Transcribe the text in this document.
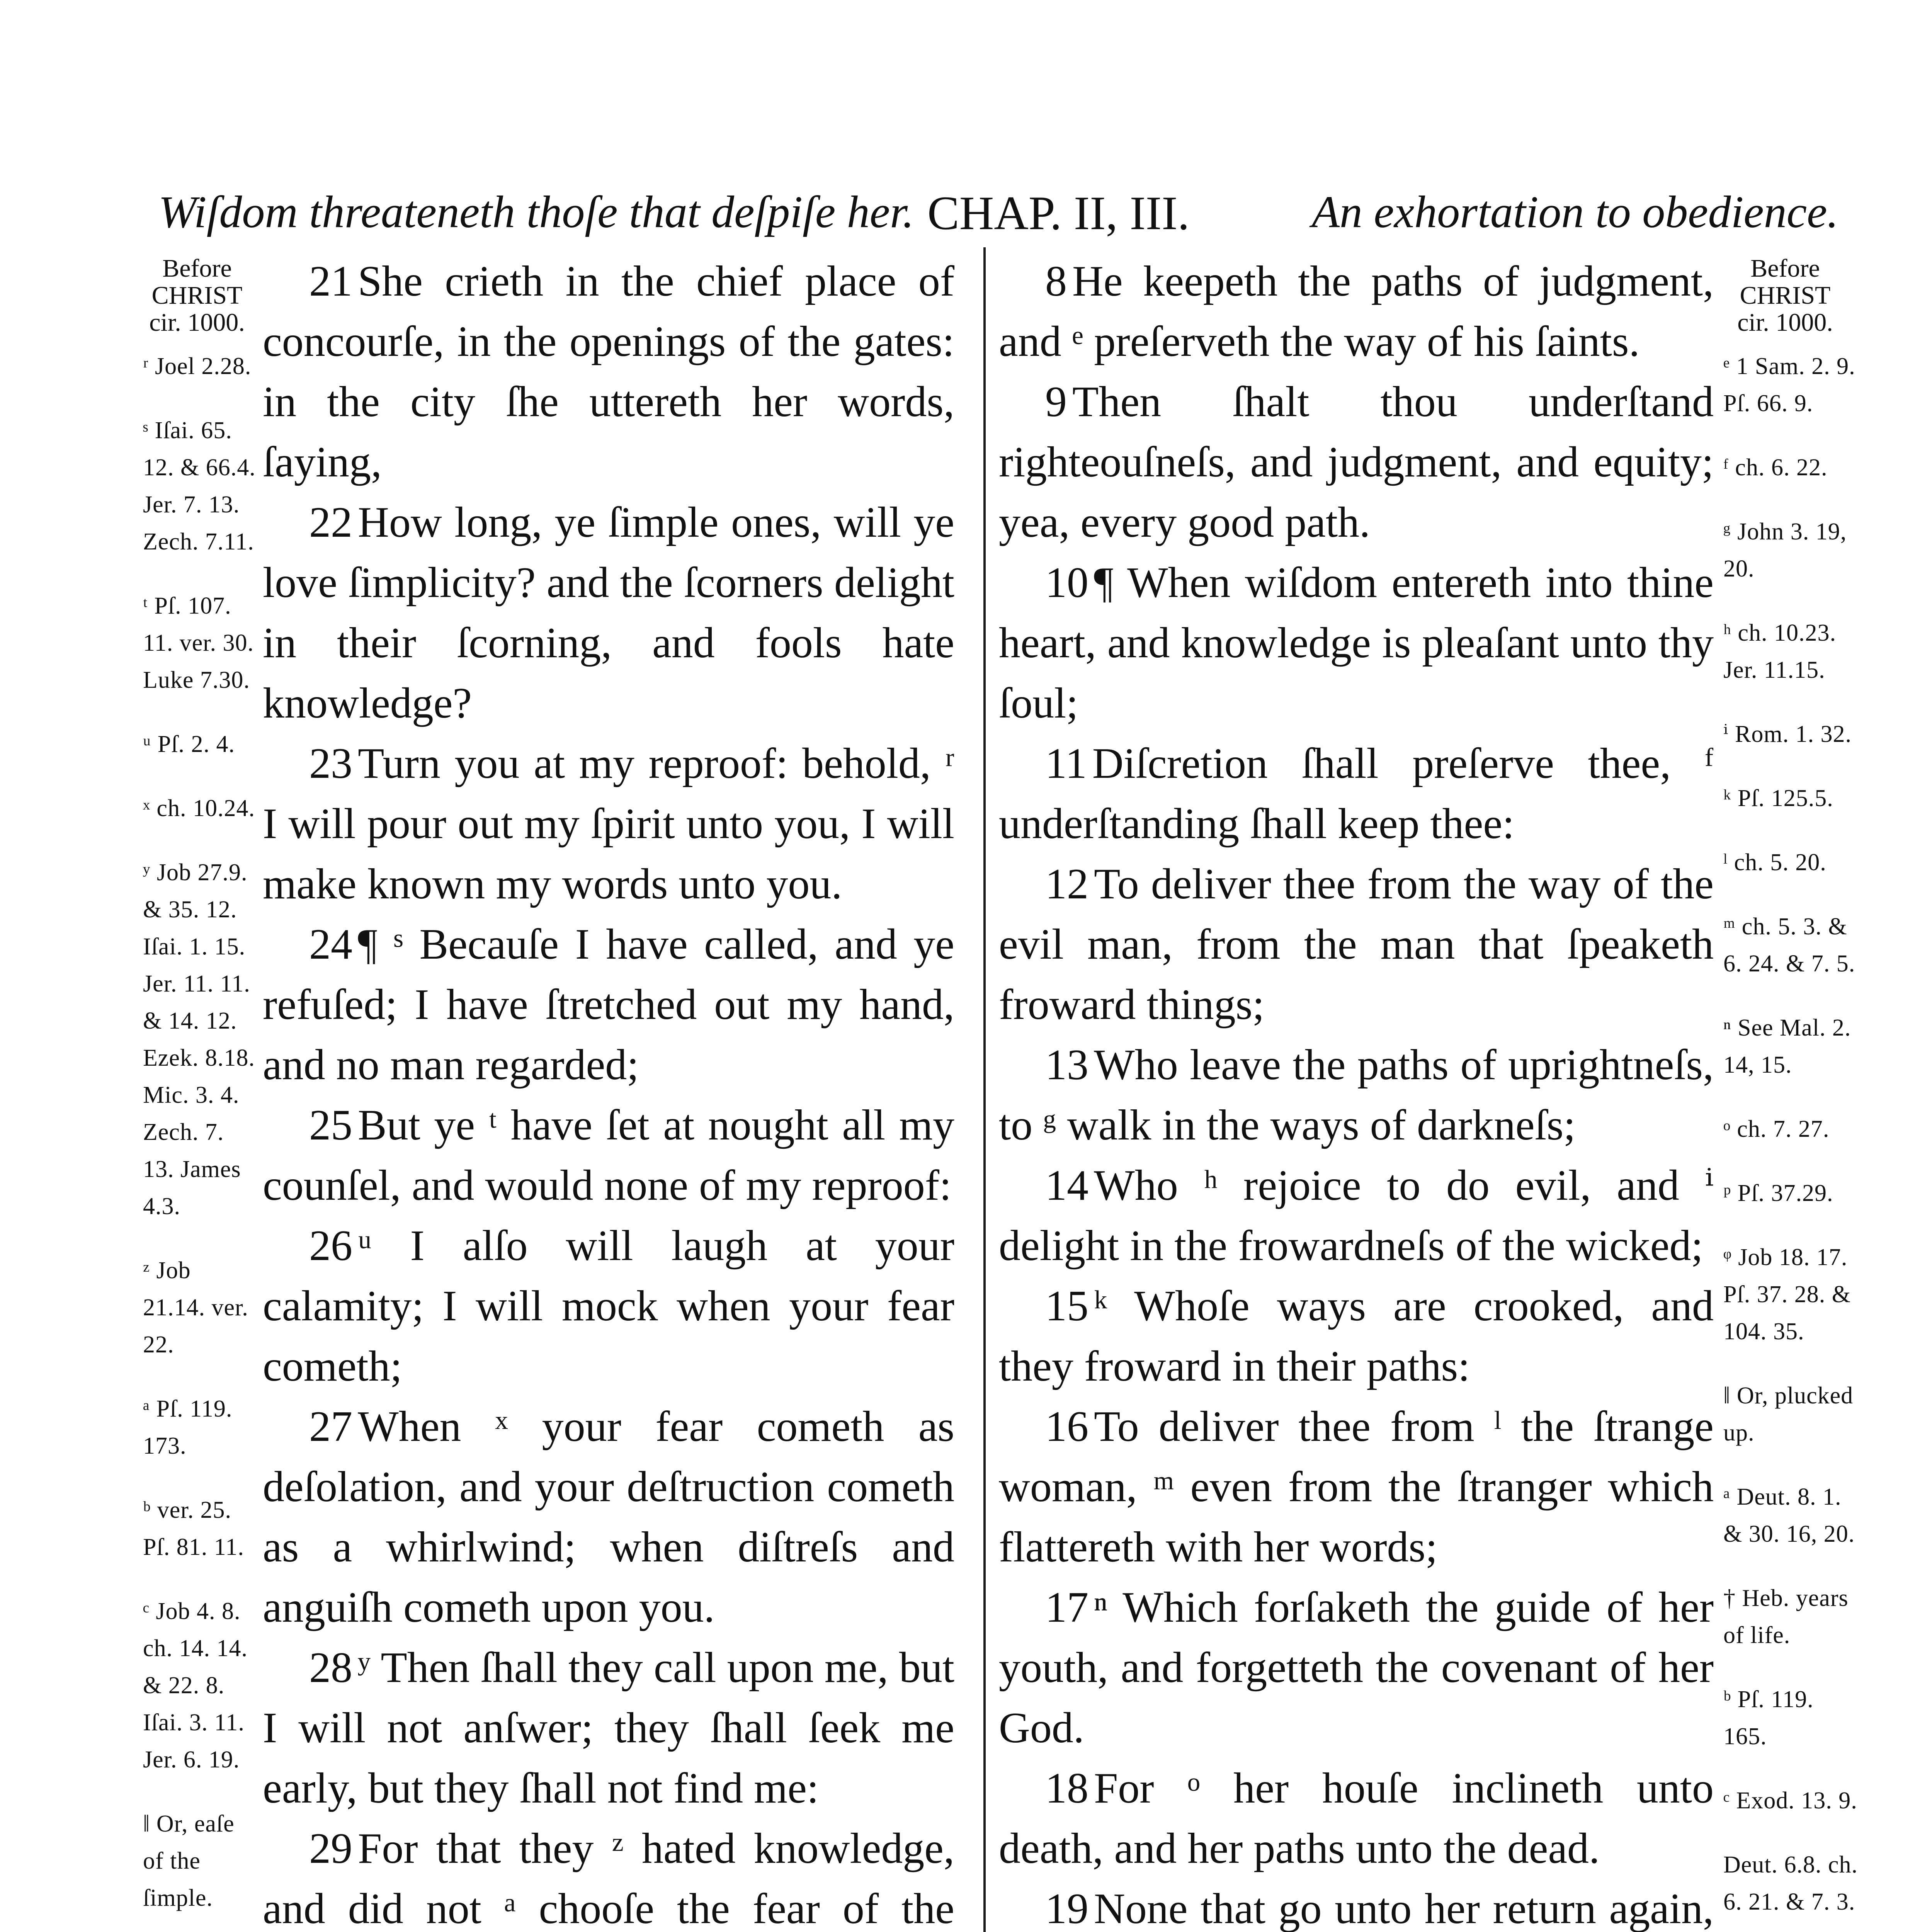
Wiſdom threateneth thoſe that deſpiſe her. CHAP. II, III.	An exhortation to obedience.
Before
CHRIST
cir. 1000.
Before
CHRIST
cir. 1000.
ʳ Joel 2.28.
ˢ Iſai. 65. 12. & 66.4. Jer. 7. 13. Zech. 7.11.
ᵗ Pſ. 107. 11. ver. 30. Luke 7.30.
ᵘ Pſ. 2. 4.
ˣ ch. 10.24.
ʸ Job 27.9. & 35. 12. Iſai. 1. 15. Jer. 11. 11. & 14. 12. Ezek. 8.18. Mic. 3. 4. Zech. 7. 13. James 4.3.
ᶻ Job 21.14. ver. 22.
ᵃ Pſ. 119. 173.
ᵇ ver. 25. Pſ. 81. 11.
ᶜ Job 4. 8. ch. 14. 14. & 22. 8. Iſai. 3. 11. Jer. 6. 19.
‖ Or, eaſe of the ſimple.
ᵉ 1 Sam. 2. 9. Pſ. 66. 9.
ᶠ ch. 6. 22.
ᵍ John 3. 19, 20.
ʰ ch. 10.23. Jer. 11.15.
ⁱ Rom. 1. 32.
ᵏ Pſ. 125.5.
ˡ ch. 5. 20.
ᵐ ch. 5. 3. & 6. 24. & 7. 5.
ⁿ See Mal. 2. 14, 15.
ᵒ ch. 7. 27.
ᵖ Pſ. 37.29.
ᵠ Job 18. 17. Pſ. 37. 28. & 104. 35.
‖ Or, plucked up.
ᵃ Deut. 8. 1. & 30. 16, 20.
† Heb. years of life.
ᵇ Pſ. 119. 165.
ᶜ Exod. 13. 9.
Deut. 6.8. ch. 6. 21. & 7. 3.

21 She crieth in the chief place of concourſe, in the openings of the gates: in the city ſhe uttereth her words, ſaying,

22 How long, ye ſimple ones, will ye love ſimplicity? and the ſcorners delight in their ſcorning, and fools hate knowledge?

23 Turn you at my reproof: behold, ʳ I will pour out my ſpirit unto you, I will make known my words unto you.

24 ¶ ˢ Becauſe I have called, and ye refuſed; I have ſtretched out my hand, and no man regarded;

25 But ye ᵗ have ſet at nought all my counſel, and would none of my reproof:

26 ᵘ I alſo will laugh at your calamity; I will mock when your fear cometh;

27 When ˣ your fear cometh as deſolation, and your deſtruction cometh as a whirlwind; when diſtreſs and anguiſh cometh upon you.

28 ʸ Then ſhall they call upon me, but I will not anſwer; they ſhall ſeek me early, but they ſhall not find me:

29 For that they ᶻ hated knowledge, and did not ᵃ chooſe the fear of the

8 He keepeth the paths of judgment, and ᵉ preſerveth the way of his ſaints.

9 Then ſhalt thou underſtand righteouſneſs, and judgment, and equity; yea, every good path.

10 ¶ When wiſdom entereth into thine heart, and knowledge is pleaſant unto thy ſoul;

11 Diſcretion ſhall preſerve thee, ᶠ underſtanding ſhall keep thee:

12 To deliver thee from the way of the evil man, from the man that ſpeaketh froward things;

13 Who leave the paths of uprightneſs, to ᵍ walk in the ways of darkneſs;

14 Who ʰ rejoice to do evil, and ⁱ delight in the frowardneſs of the wicked;

15 ᵏ Whoſe ways are crooked, and they froward in their paths:

16 To deliver thee from ˡ the ſtrange woman, ᵐ even from the ſtranger which flattereth with her words;

17 ⁿ Which forſaketh the guide of her youth, and forgetteth the covenant of her God.

18 For ᵒ her houſe inclineth unto death, and her paths unto the dead.

19 None that go unto her return again,
